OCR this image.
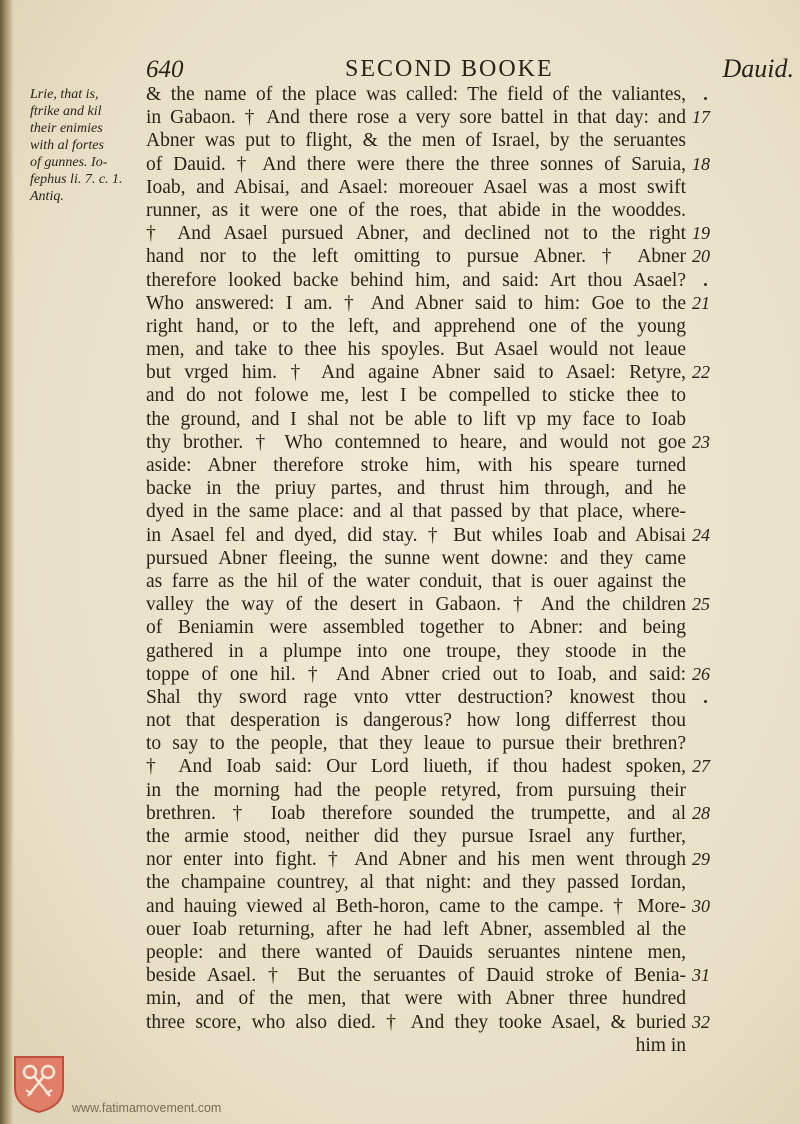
640	SECOND BOOKE	Dauid.
Lrie, that is,
ftrike and kil
their enimies
with al fortes
of gunnes. Io-
fephus li. 7. c. 1.
Antiq.
& the name of the place was called: The field of the valiantes,
in Gabaon. † And there rose a very sore battel in that day: and 17
Abner was put to flight, & the men of Israel, by the seruantes
of Dauid. † And there were there the three sonnes of Saruia, 18
Ioab, and Abisai, and Asael: moreouer Asael was a most swift
runner, as it were one of the roes, that abide in the wooddes.
† And Asael pursued Abner, and declined not to the right 19
hand nor to the left omitting to pursue Abner. † Abner 20
therefore looked backe behind him, and said: Art thou Asael?
Who answered: I am. † And Abner said to him: Goe to the 21
right hand, or to the left, and apprehend one of the young
men, and take to thee his spoyles. But Asael would not leaue
but vrged him. † And againe Abner said to Asael: Retyre, 22
and do not folowe me, lest I be compelled to sticke thee to
the ground, and I shal not be able to lift vp my face to Ioab
thy brother. † Who contemned to heare, and would not goe 23
aside: Abner therefore stroke him, with his speare turned
backe in the priuy partes, and thrust him through, and he
dyed in the same place: and al that passed by that place, where-
in Asael fel and dyed, did stay. † But whiles Ioab and Abisai 24
pursued Abner fleeing, the sunne went downe: and they came
as farre as the hil of the water conduit, that is ouer against the
valley the way of the desert in Gabaon. † And the children 25
of Beniamin were assembled together to Abner: and being
gathered in a plumpe into one troupe, they stoode in the
toppe of one hil. † And Abner cried out to Ioab, and said: 26
Shal thy sword rage vnto vtter destruction? knowest thou
not that desperation is dangerous? how long differrest thou
to say to the people, that they leaue to pursue their brethren?
† And Ioab said: Our Lord liueth, if thou hadest spoken, 27
in the morning had the people retyred, from pursuing their
brethren. † Ioab therefore sounded the trumpette, and al 28
the armie stood, neither did they pursue Israel any further,
nor enter into fight. † And Abner and his men went through 29
the champaine countrey, al that night: and they passed Iordan,
and hauing viewed al Beth-horon, came to the campe. † More- 30
ouer Ioab returning, after he had left Abner, assembled al the
people: and there wanted of Dauids seruantes nintene men,
beside Asael. † But the seruantes of Dauid stroke of Benia- 31
min, and of the men, that were with Abner three hundred
three score, who also died. † And they tooke Asael, & buried 32
him in
www.fatimamovement.com
